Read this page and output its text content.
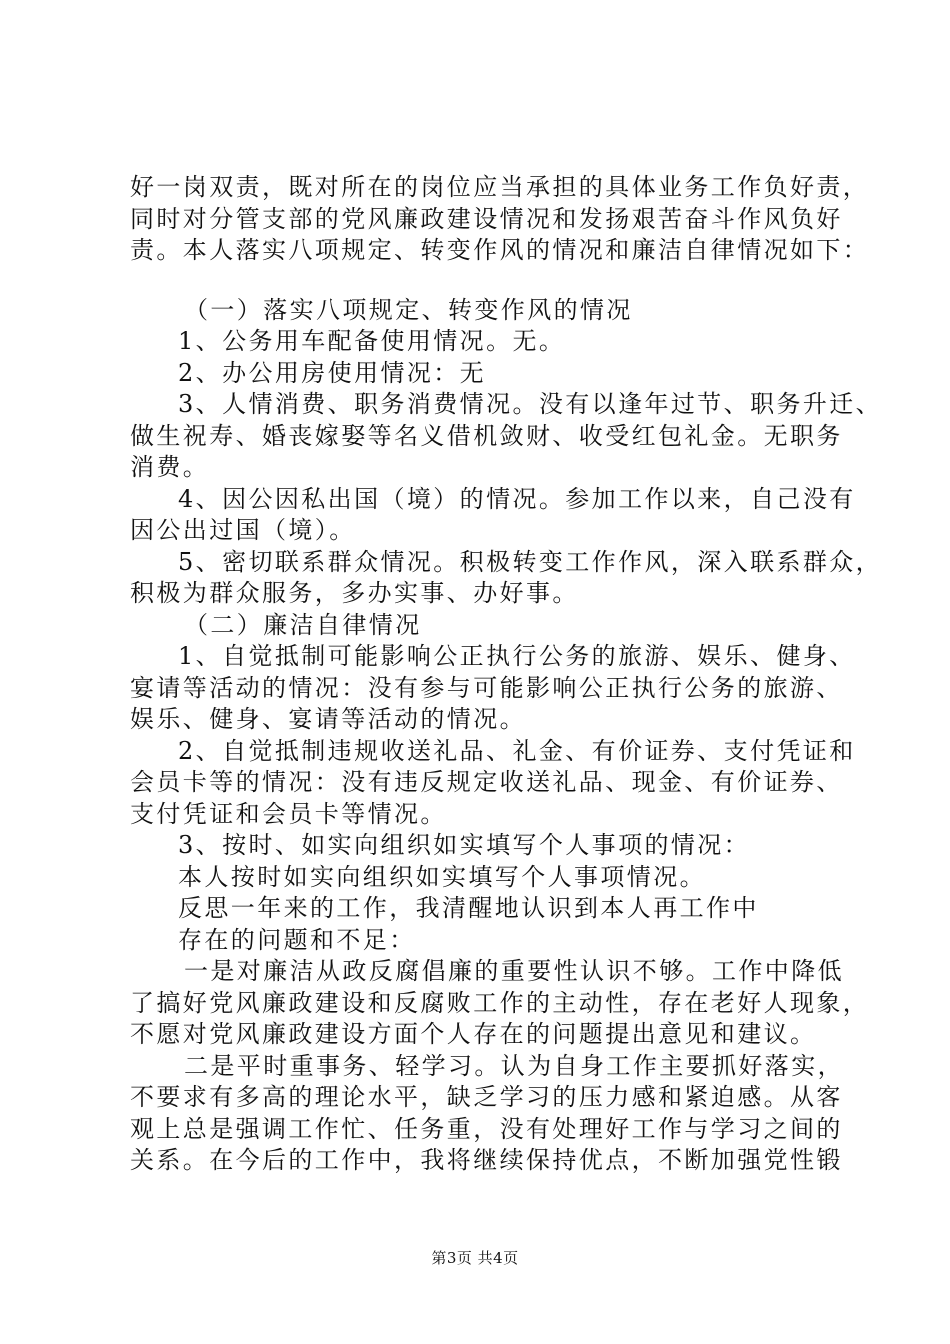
好一岗双责，既对所在的岗位应当承担的具体业务工作负好责，
同时对分管支部的党风廉政建设情况和发扬艰苦奋斗作风负好
责。本人落实八项规定、转变作风的情况和廉洁自律情况如下：
（一）落实八项规定、转变作风的情况
1、公务用车配备使用情况。无。
2、办公用房使用情况：无
3、人情消费、职务消费情况。没有以逢年过节、职务升迁、
做生祝寿、婚丧嫁娶等名义借机敛财、收受红包礼金。无职务
消费。
4、因公因私出国（境）的情况。参加工作以来，自己没有
因公出过国（境）。
5、密切联系群众情况。积极转变工作作风，深入联系群众，
积极为群众服务，多办实事、办好事。
（二）廉洁自律情况
1、自觉抵制可能影响公正执行公务的旅游、娱乐、健身、
宴请等活动的情况：没有参与可能影响公正执行公务的旅游、
娱乐、健身、宴请等活动的情况。
2、自觉抵制违规收送礼品、礼金、有价证券、支付凭证和
会员卡等的情况：没有违反规定收送礼品、现金、有价证券、
支付凭证和会员卡等情况。
3、按时、如实向组织如实填写个人事项的情况：
本人按时如实向组织如实填写个人事项情况。
反思一年来的工作，我清醒地认识到本人再工作中
存在的问题和不足：
一是对廉洁从政反腐倡廉的重要性认识不够。工作中降低
了搞好党风廉政建设和反腐败工作的主动性，存在老好人现象，
不愿对党风廉政建设方面个人存在的问题提出意见和建议。
二是平时重事务、轻学习。认为自身工作主要抓好落实，
不要求有多高的理论水平，缺乏学习的压力感和紧迫感。从客
观上总是强调工作忙、任务重，没有处理好工作与学习之间的
关系。在今后的工作中，我将继续保持优点，不断加强党性锻
第3页 共4页
